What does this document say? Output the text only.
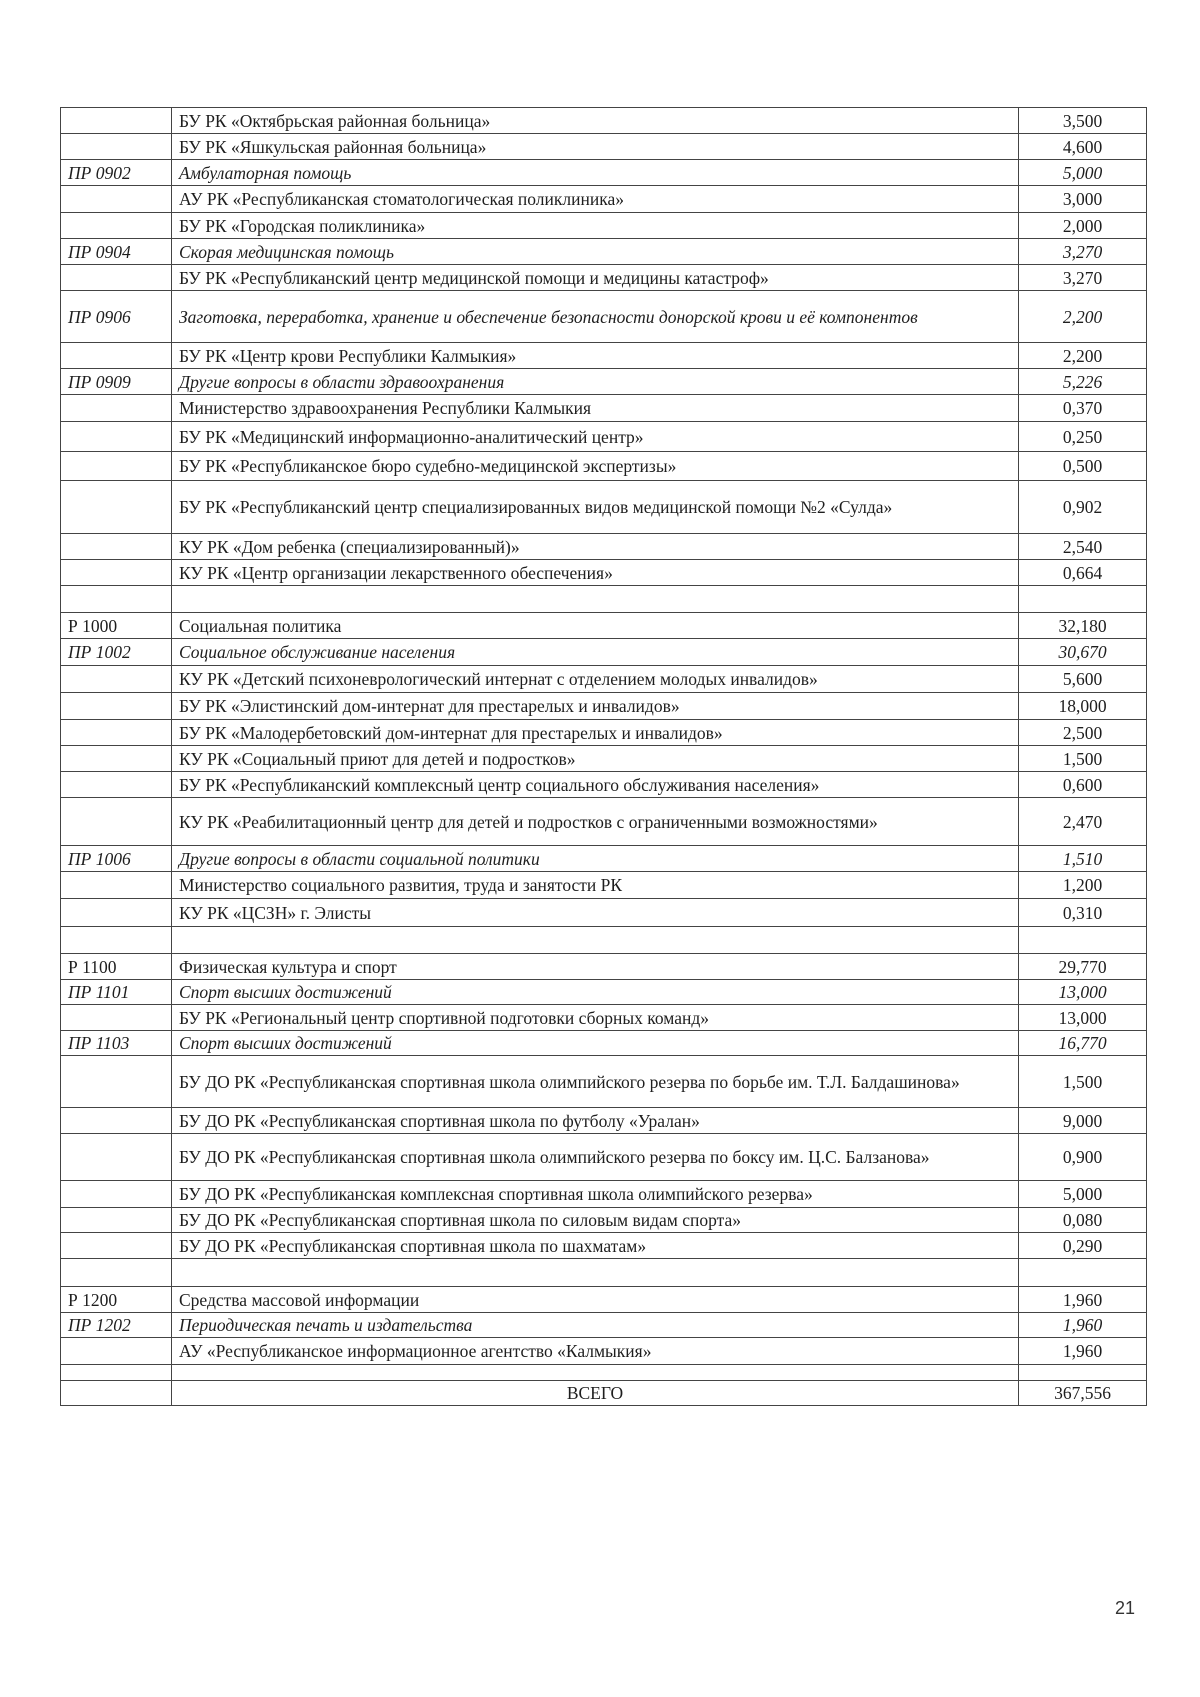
	БУ РК «Октябрьская районная больница»	3,500
	БУ РК «Яшкульская районная больница»	4,600
ПР 0902	Амбулаторная помощь	5,000
	АУ РК «Республиканская стоматологическая поликлиника»	3,000
	БУ РК «Городская поликлиника»	2,000
ПР 0904	Скорая медицинская помощь	3,270
	БУ РК «Республиканский центр медицинской помощи и медицины катастроф»	3,270
ПР 0906	Заготовка, переработка, хранение и обеспечение безопасности донорской крови и её компонентов	2,200
	БУ РК «Центр крови Республики Калмыкия»	2,200
ПР 0909	Другие вопросы в области здравоохранения	5,226
	Министерство здравоохранения Республики Калмыкия	0,370
	БУ РК «Медицинский информационно-аналитический центр»	0,250
	БУ РК «Республиканское бюро судебно-медицинской экспертизы»	0,500
	БУ РК «Республиканский центр специализированных видов медицинской помощи №2 «Сулда»	0,902
	КУ РК «Дом ребенка (специализированный)»	2,540
	КУ РК «Центр организации лекарственного обеспечения»	0,664

Р 1000	Социальная политика	32,180
ПР 1002	Социальное обслуживание населения	30,670
	КУ РК «Детский психоневрологический интернат с отделением молодых инвалидов»	5,600
	БУ РК «Элистинский дом-интернат для престарелых и инвалидов»	18,000
	БУ РК «Малодербетовский дом-интернат для престарелых и инвалидов»	2,500
	КУ РК «Социальный приют для детей и подростков»	1,500
	БУ РК «Республиканский комплексный центр социального обслуживания населения»	0,600
	КУ РК «Реабилитационный центр для детей и подростков с ограниченными возможностями»	2,470
ПР 1006	Другие вопросы в области социальной политики	1,510
	Министерство социального развития, труда и занятости РК	1,200
	КУ РК «ЦСЗН» г. Элисты	0,310

Р 1100	Физическая культура и спорт	29,770
ПР 1101	Спорт высших достижений	13,000
	БУ РК «Региональный центр спортивной подготовки сборных команд»	13,000
ПР 1103	Спорт высших достижений	16,770
	БУ ДО РК «Республиканская спортивная школа олимпийского резерва по борьбе им. Т.Л. Балдашинова»	1,500
	БУ ДО РК «Республиканская спортивная школа по футболу «Уралан»	9,000
	БУ ДО РК «Республиканская спортивная школа олимпийского резерва по боксу им. Ц.С. Балзанова»	0,900
	БУ ДО РК «Республиканская комплексная спортивная школа олимпийского резерва»	5,000
	БУ ДО РК «Республиканская спортивная школа по силовым видам спорта»	0,080
	БУ ДО РК «Республиканская спортивная школа по шахматам»	0,290

Р 1200	Средства массовой информации	1,960
ПР 1202	Периодическая печать и издательства	1,960
	АУ «Республиканское информационное агентство «Калмыкия»	1,960

	ВСЕГО	367,556
21
